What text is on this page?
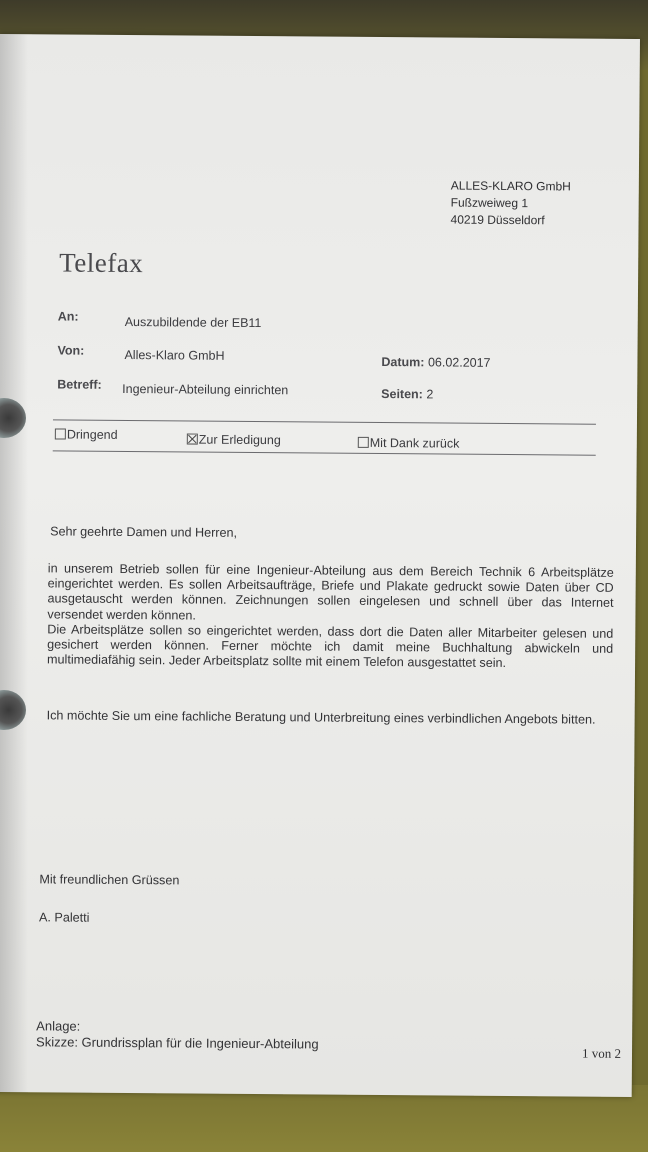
ALLES-KLARO GmbH
Fußzweiweg 1
40219 Düsseldorf
Telefax
An:	Auszubildende der EB11
Von:	Alles-Klaro GmbH	Datum: 06.02.2017
Betreff: Ingenieur-Abteilung einrichten	Seiten: 2
Dringend	Zur Erledigung	Mit Dank zurück
Sehr geehrte Damen und Herren,
in unserem Betrieb sollen für eine Ingenieur-Abteilung aus dem Bereich Technik 6 Arbeitsplätze eingerichtet werden. Es sollen Arbeitsaufträge, Briefe und Plakate gedruckt sowie Daten über CD ausgetauscht werden können. Zeichnungen sollen eingelesen und schnell über das Internet versendet werden können.
Die Arbeitsplätze sollen so eingerichtet werden, dass dort die Daten aller Mitarbeiter gelesen und gesichert werden können. Ferner möchte ich damit meine Buchhaltung abwickeln und multimediafähig sein. Jeder Arbeitsplatz sollte mit einem Telefon ausgestattet sein.
Ich möchte Sie um eine fachliche Beratung und Unterbreitung eines verbindlichen Angebots bitten.
Mit freundlichen Grüssen
A. Paletti
Anlage:
Skizze: Grundrissplan für die Ingenieur-Abteilung
1 von 2
